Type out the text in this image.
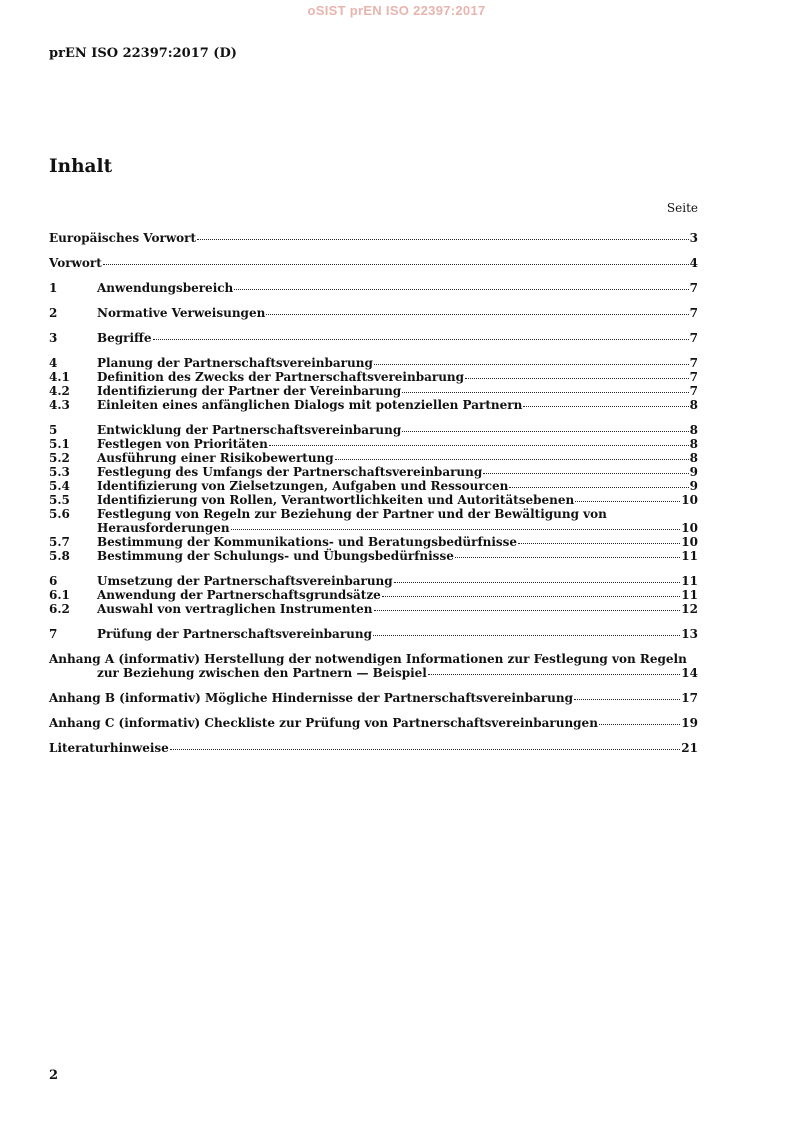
oSIST prEN ISO 22397:2017
prEN ISO 22397:2017 (D)
Inhalt
Seite
Europäisches Vorwort	3
Vorwort	4
1	Anwendungsbereich	7
2	Normative Verweisungen	7
3	Begriffe	7
4	Planung der Partnerschaftsvereinbarung	7
4.1	Definition des Zwecks der Partnerschaftsvereinbarung	7
4.2	Identifizierung der Partner der Vereinbarung	7
4.3	Einleiten eines anfänglichen Dialogs mit potenziellen Partnern	8
5	Entwicklung der Partnerschaftsvereinbarung	8
5.1	Festlegen von Prioritäten	8
5.2	Ausführung einer Risikobewertung	8
5.3	Festlegung des Umfangs der Partnerschaftsvereinbarung	9
5.4	Identifizierung von Zielsetzungen, Aufgaben und Ressourcen	9
5.5	Identifizierung von Rollen, Verantwortlichkeiten und Autoritätsebenen	10
5.6	Festlegung von Regeln zur Beziehung der Partner und der Bewältigung von
Herausforderungen	10
5.7	Bestimmung der Kommunikations- und Beratungsbedürfnisse	10
5.8	Bestimmung der Schulungs- und Übungsbedürfnisse	11
6	Umsetzung der Partnerschaftsvereinbarung	11
6.1	Anwendung der Partnerschaftsgrundsätze	11
6.2	Auswahl von vertraglichen Instrumenten	12
7	Prüfung der Partnerschaftsvereinbarung	13
Anhang A (informativ) Herstellung der notwendigen Informationen zur Festlegung von Regeln
zur Beziehung zwischen den Partnern — Beispiel	14
Anhang B (informativ) Mögliche Hindernisse der Partnerschaftsvereinbarung	17
Anhang C (informativ) Checkliste zur Prüfung von Partnerschaftsvereinbarungen	19
Literaturhinweise	21
2
